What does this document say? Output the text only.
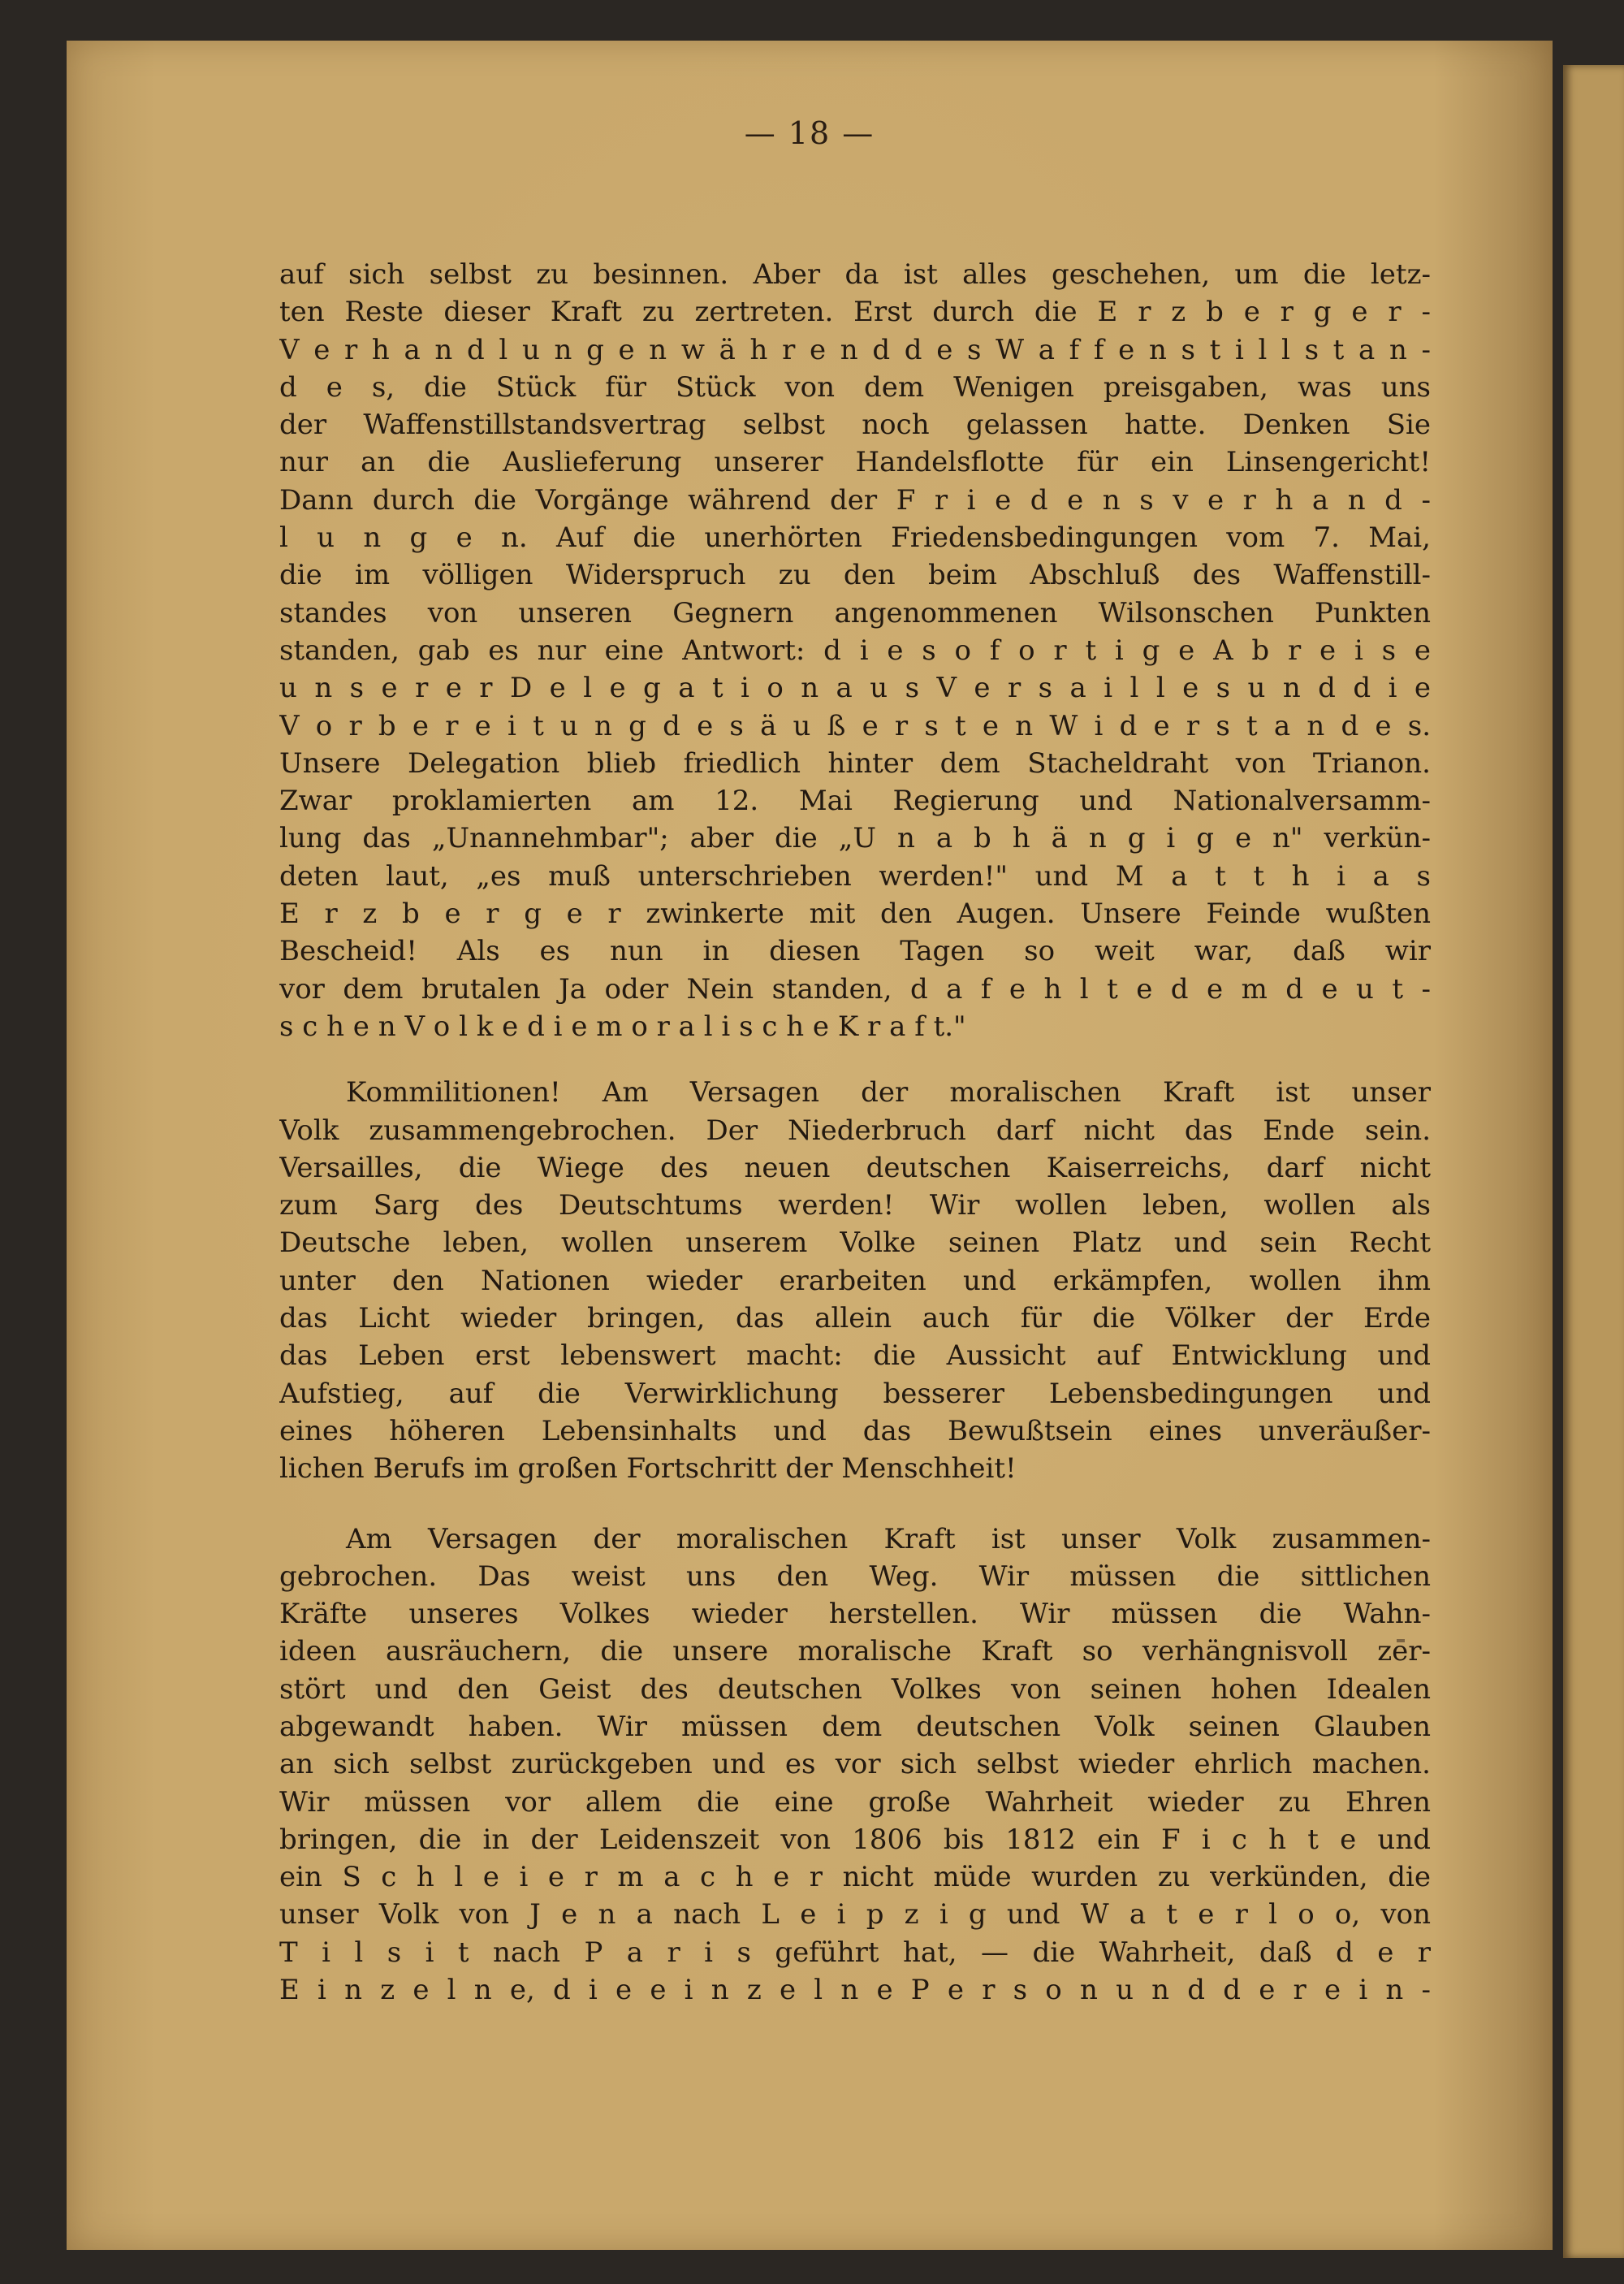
— 18 —
auf sich selbst zu besinnen. Aber da ist alles geschehen, um die letz-
ten Reste dieser Kraft zu zertreten. Erst durch die E r z b e r g e r -
V e r h a n d l u n g e n w ä h r e n d d e s W a f f e n s t i l l s t a n -
d e s, die Stück für Stück von dem Wenigen preisgaben, was uns
der Waffenstillstandsvertrag selbst noch gelassen hatte. Denken Sie
nur an die Auslieferung unserer Handelsflotte für ein Linsengericht!
Dann durch die Vorgänge während der F r i e d e n s v e r h a n d -
l u n g e n. Auf die unerhörten Friedensbedingungen vom 7. Mai,
die im völligen Widerspruch zu den beim Abschluß des Waffenstill-
standes von unseren Gegnern angenommenen Wilsonschen Punkten
standen, gab es nur eine Antwort: d i e s o f o r t i g e A b r e i s e
u n s e r e r D e l e g a t i o n a u s V e r s a i l l e s u n d d i e
V o r b e r e i t u n g d e s ä u ß e r s t e n W i d e r s t a n d e s.
Unsere Delegation blieb friedlich hinter dem Stacheldraht von Trianon.
Zwar proklamierten am 12. Mai Regierung und Nationalversamm-
lung das „Unannehmbar"; aber die „U n a b h ä n g i g e n" verkün-
deten laut, „es muß unterschrieben werden!" und M a t t h i a s
E r z b e r g e r zwinkerte mit den Augen. Unsere Feinde wußten
Bescheid! Als es nun in diesen Tagen so weit war, daß wir
vor dem brutalen Ja oder Nein standen, d a f e h l t e d e m d e u t -
s c h e n V o l k e d i e m o r a l i s c h e K r a f t."
Kommilitionen! Am Versagen der moralischen Kraft ist unser
Volk zusammengebrochen. Der Niederbruch darf nicht das Ende sein.
Versailles, die Wiege des neuen deutschen Kaiserreichs, darf nicht
zum Sarg des Deutschtums werden! Wir wollen leben, wollen als
Deutsche leben, wollen unserem Volke seinen Platz und sein Recht
unter den Nationen wieder erarbeiten und erkämpfen, wollen ihm
das Licht wieder bringen, das allein auch für die Völker der Erde
das Leben erst lebenswert macht: die Aussicht auf Entwicklung und
Aufstieg, auf die Verwirklichung besserer Lebensbedingungen und
eines höheren Lebensinhalts und das Bewußtsein eines unveräußer-
lichen Berufs im großen Fortschritt der Menschheit!
Am Versagen der moralischen Kraft ist unser Volk zusammen-
gebrochen. Das weist uns den Weg. Wir müssen die sittlichen
Kräfte unseres Volkes wieder herstellen. Wir müssen die Wahn-
ideen ausräuchern, die unsere moralische Kraft so verhängnisvoll zer-
stört und den Geist des deutschen Volkes von seinen hohen Idealen
abgewandt haben. Wir müssen dem deutschen Volk seinen Glauben
an sich selbst zurückgeben und es vor sich selbst wieder ehrlich machen.
Wir müssen vor allem die eine große Wahrheit wieder zu Ehren
bringen, die in der Leidenszeit von 1806 bis 1812 ein F i c h t e und
ein S c h l e i e r m a c h e r nicht müde wurden zu verkünden, die
unser Volk von J e n a nach L e i p z i g und W a t e r l o o, von
T i l s i t nach P a r i s geführt hat, — die Wahrheit, daß d e r
E i n z e l n e, d i e e i n z e l n e P e r s o n u n d d e r e i n -
